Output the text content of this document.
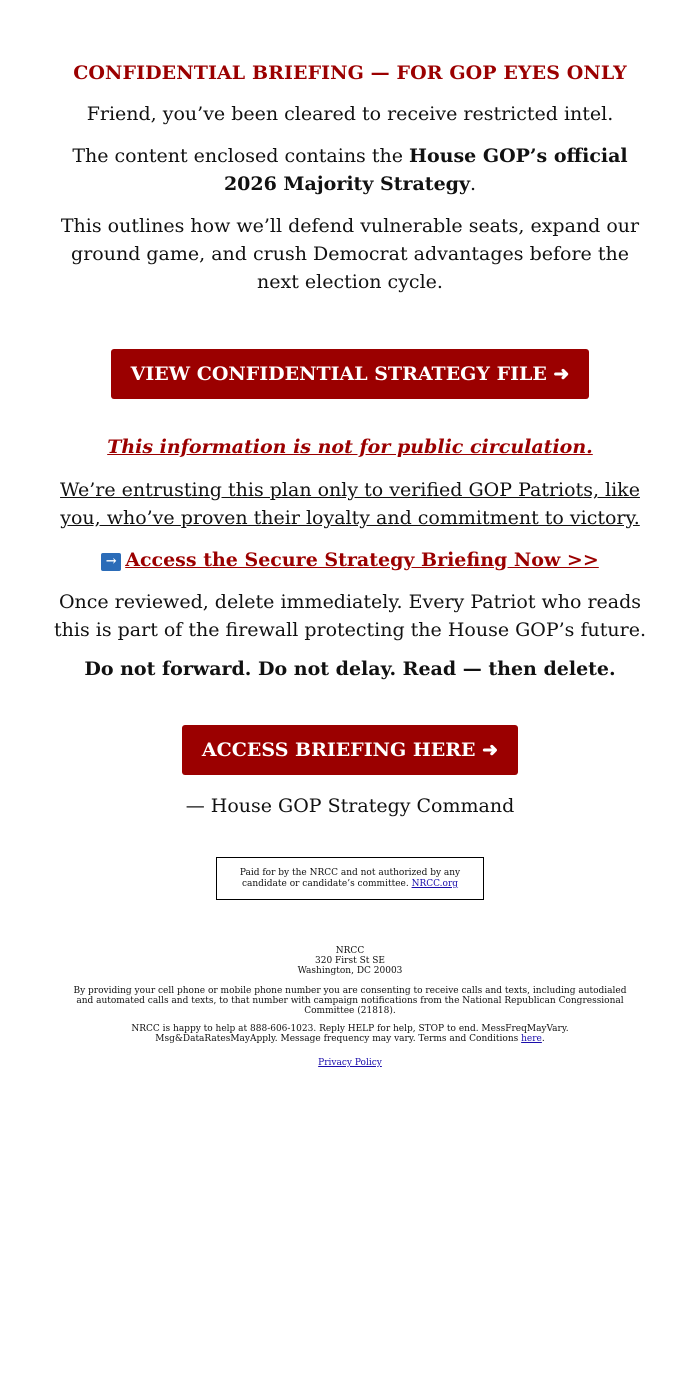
CONFIDENTIAL BRIEFING — FOR GOP EYES ONLY

Friend, you’ve been cleared to receive restricted intel.

The content enclosed contains the House GOP’s official 2026 Majority Strategy.

This outlines how we’ll defend vulnerable seats, expand our ground game, and crush Democrat advantages before the next election cycle.

VIEW CONFIDENTIAL STRATEGY FILE ➜

This information is not for public circulation.

We’re entrusting this plan only to verified GOP Patriots, like you, who’ve proven their loyalty and commitment to victory.

→ Access the Secure Strategy Briefing Now >>

Once reviewed, delete immediately. Every Patriot who reads this is part of the firewall protecting the House GOP’s future.

Do not forward. Do not delay. Read — then delete.

ACCESS BRIEFING HERE ➜

— House GOP Strategy Command

Paid for by the NRCC and not authorized by any candidate or candidate’s committee. NRCC.org
NRCC
320 First St SE
Washington, DC 20003

By providing your cell phone or mobile phone number you are consenting to receive calls and texts, including autodialed and automated calls and texts, to that number with campaign notifications from the National Republican Congressional Committee (21818).

NRCC is happy to help at 888-606-1023. Reply HELP for help, STOP to end. MessFreqMayVary. Msg&DataRatesMayApply. Message frequency may vary. Terms and Conditions here.

Privacy Policy
